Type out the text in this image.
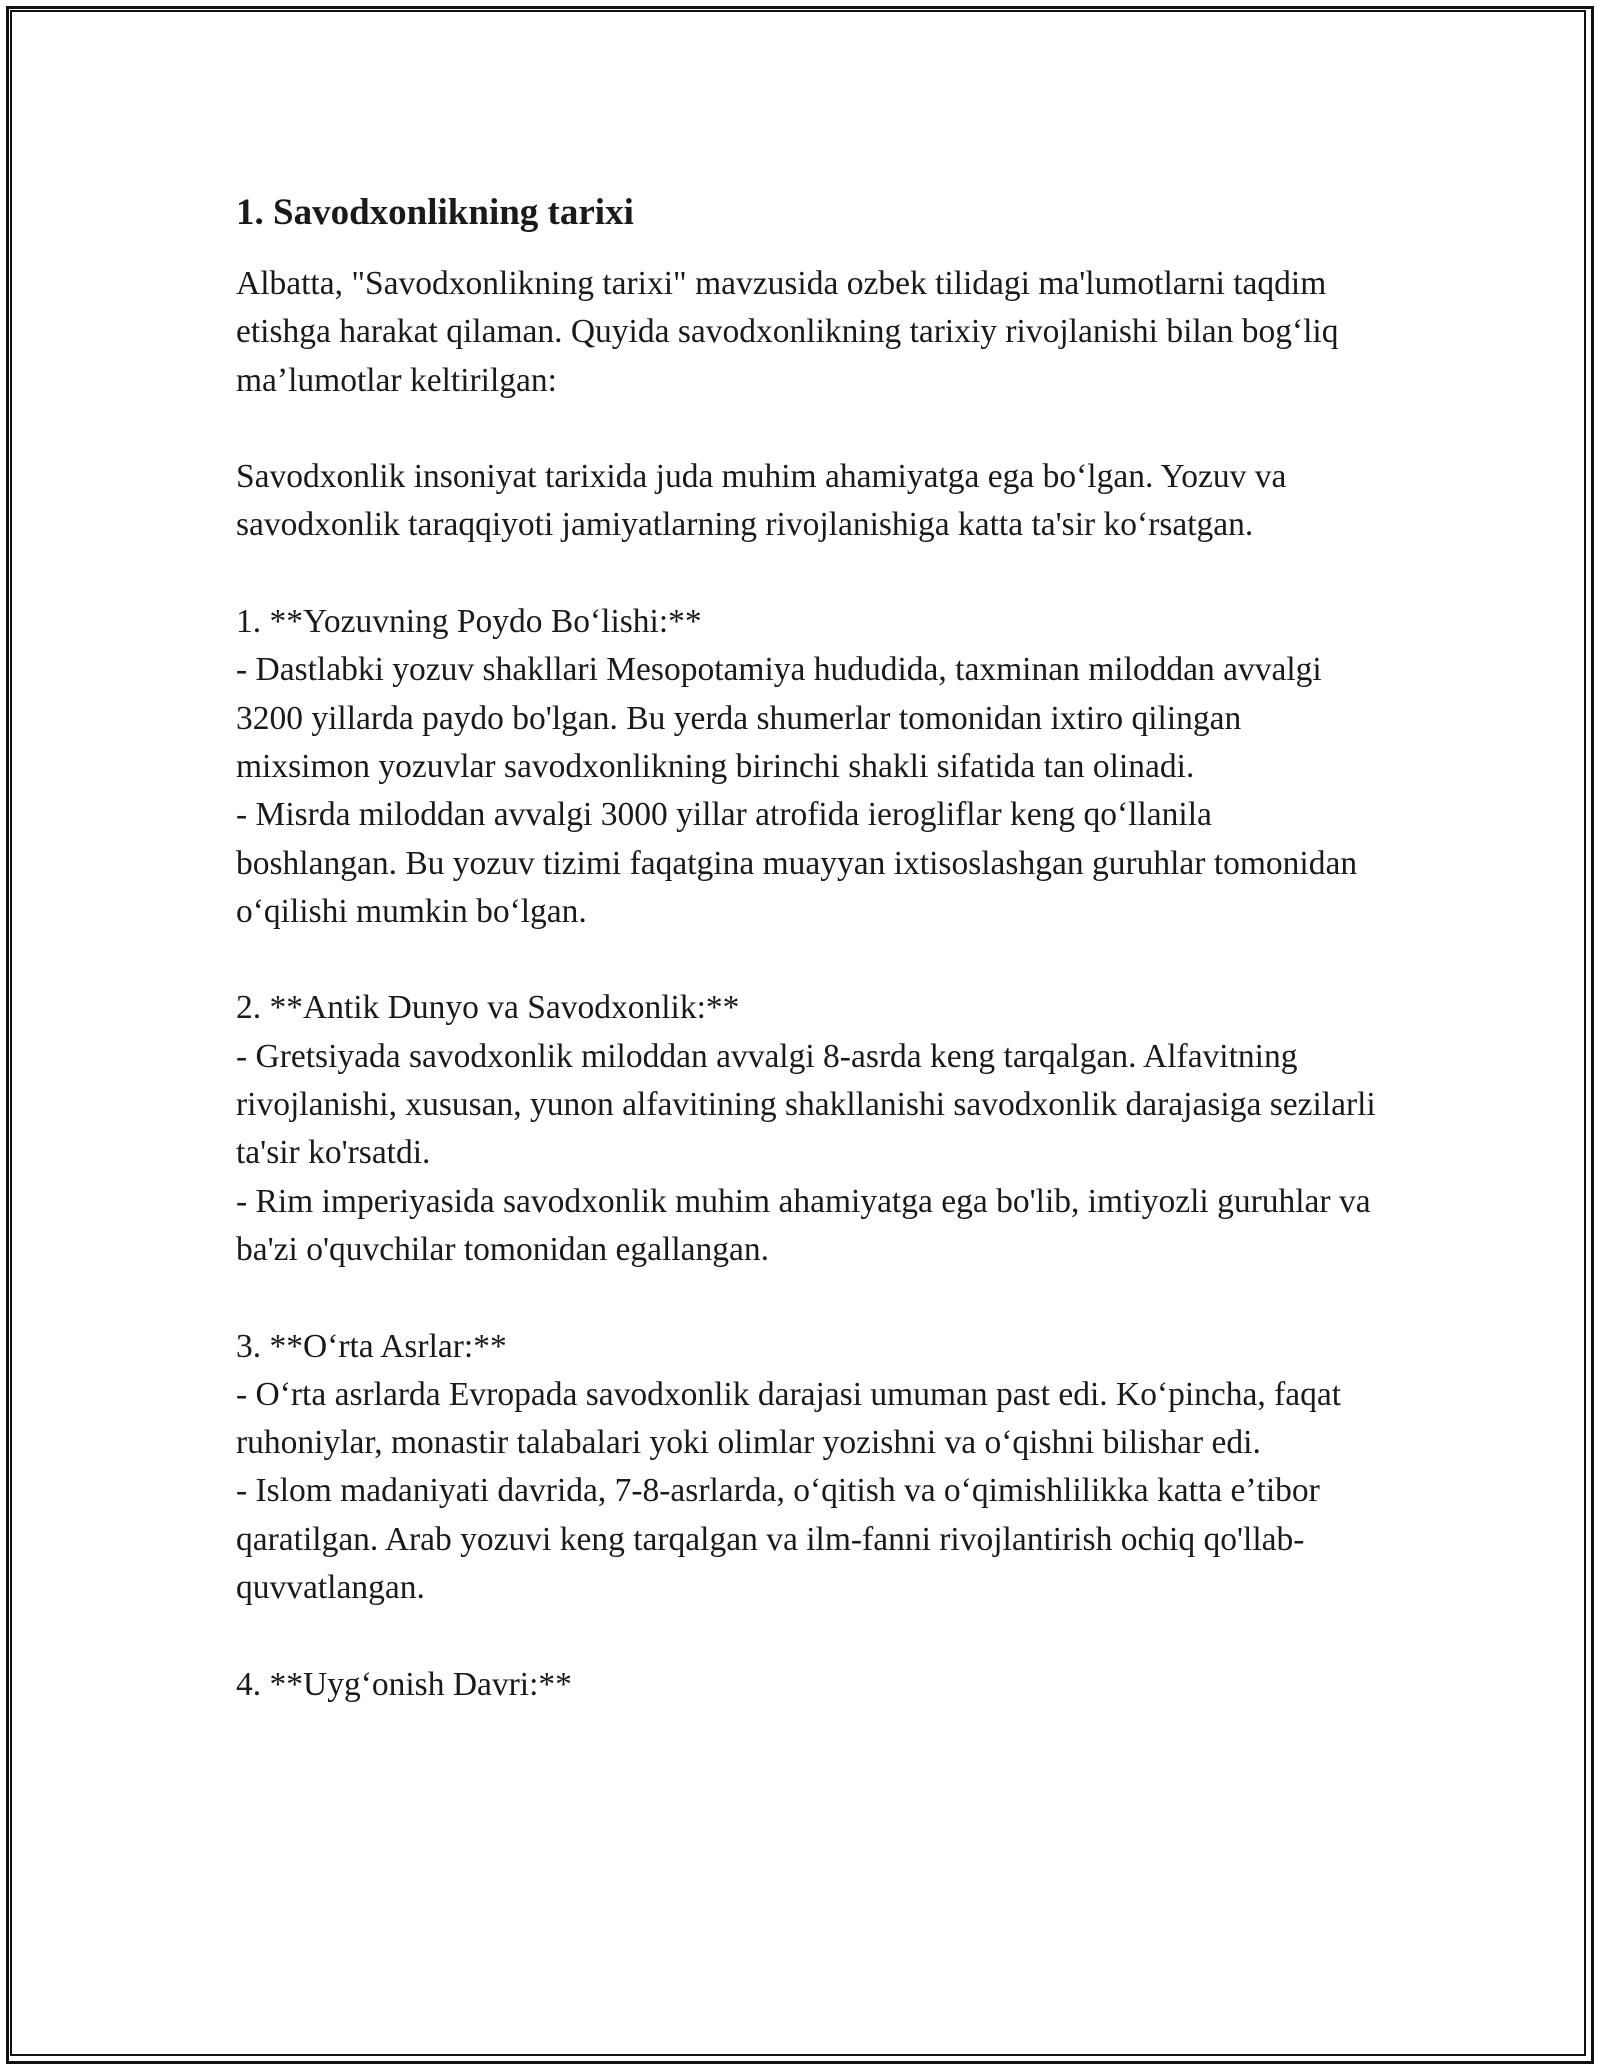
1. Savodxonlikning tarixi

Albatta, "Savodxonlikning tarixi" mavzusida ozbek tilidagi ma'lumotlarni taqdim etishga harakat qilaman. Quyida savodxonlikning tarixiy rivojlanishi bilan bogʻliq maʼlumotlar keltirilgan:

Savodxonlik insoniyat tarixida juda muhim ahamiyatga ega boʻlgan. Yozuv va savodxonlik taraqqiyoti jamiyatlarning rivojlanishiga katta ta'sir koʻrsatgan.

1. **Yozuvning Poydo Boʻlishi:**

- Dastlabki yozuv shakllari Mesopotamiya hududida, taxminan miloddan avvalgi 3200 yillarda paydo bo'lgan. Bu yerda shumerlar tomonidan ixtiro qilingan mixsimon yozuvlar savodxonlikning birinchi shakli sifatida tan olinadi.

- Misrda miloddan avvalgi 3000 yillar atrofida ierogliflar keng qoʻllanila boshlangan. Bu yozuv tizimi faqatgina muayyan ixtisoslashgan guruhlar tomonidan oʻqilishi mumkin boʻlgan.

2. **Antik Dunyo va Savodxonlik:**

- Gretsiyada savodxonlik miloddan avvalgi 8-asrda keng tarqalgan. Alfavitning rivojlanishi, xususan, yunon alfavitining shakllanishi savodxonlik darajasiga sezilarli ta'sir ko'rsatdi.

- Rim imperiyasida savodxonlik muhim ahamiyatga ega bo'lib, imtiyozli guruhlar va ba'zi o'quvchilar tomonidan egallangan.

3. **Oʻrta Asrlar:**

- Oʻrta asrlarda Evropada savodxonlik darajasi umuman past edi. Koʻpincha, faqat ruhoniylar, monastir talabalari yoki olimlar yozishni va oʻqishni bilishar edi.

- Islom madaniyati davrida, 7-8-asrlarda, oʻqitish va oʻqimishlilikka katta eʼtibor qaratilgan. Arab yozuvi keng tarqalgan va ilm-fanni rivojlantirish ochiq qo'llab-quvvatlangan.

4. **Uygʻonish Davri:**
